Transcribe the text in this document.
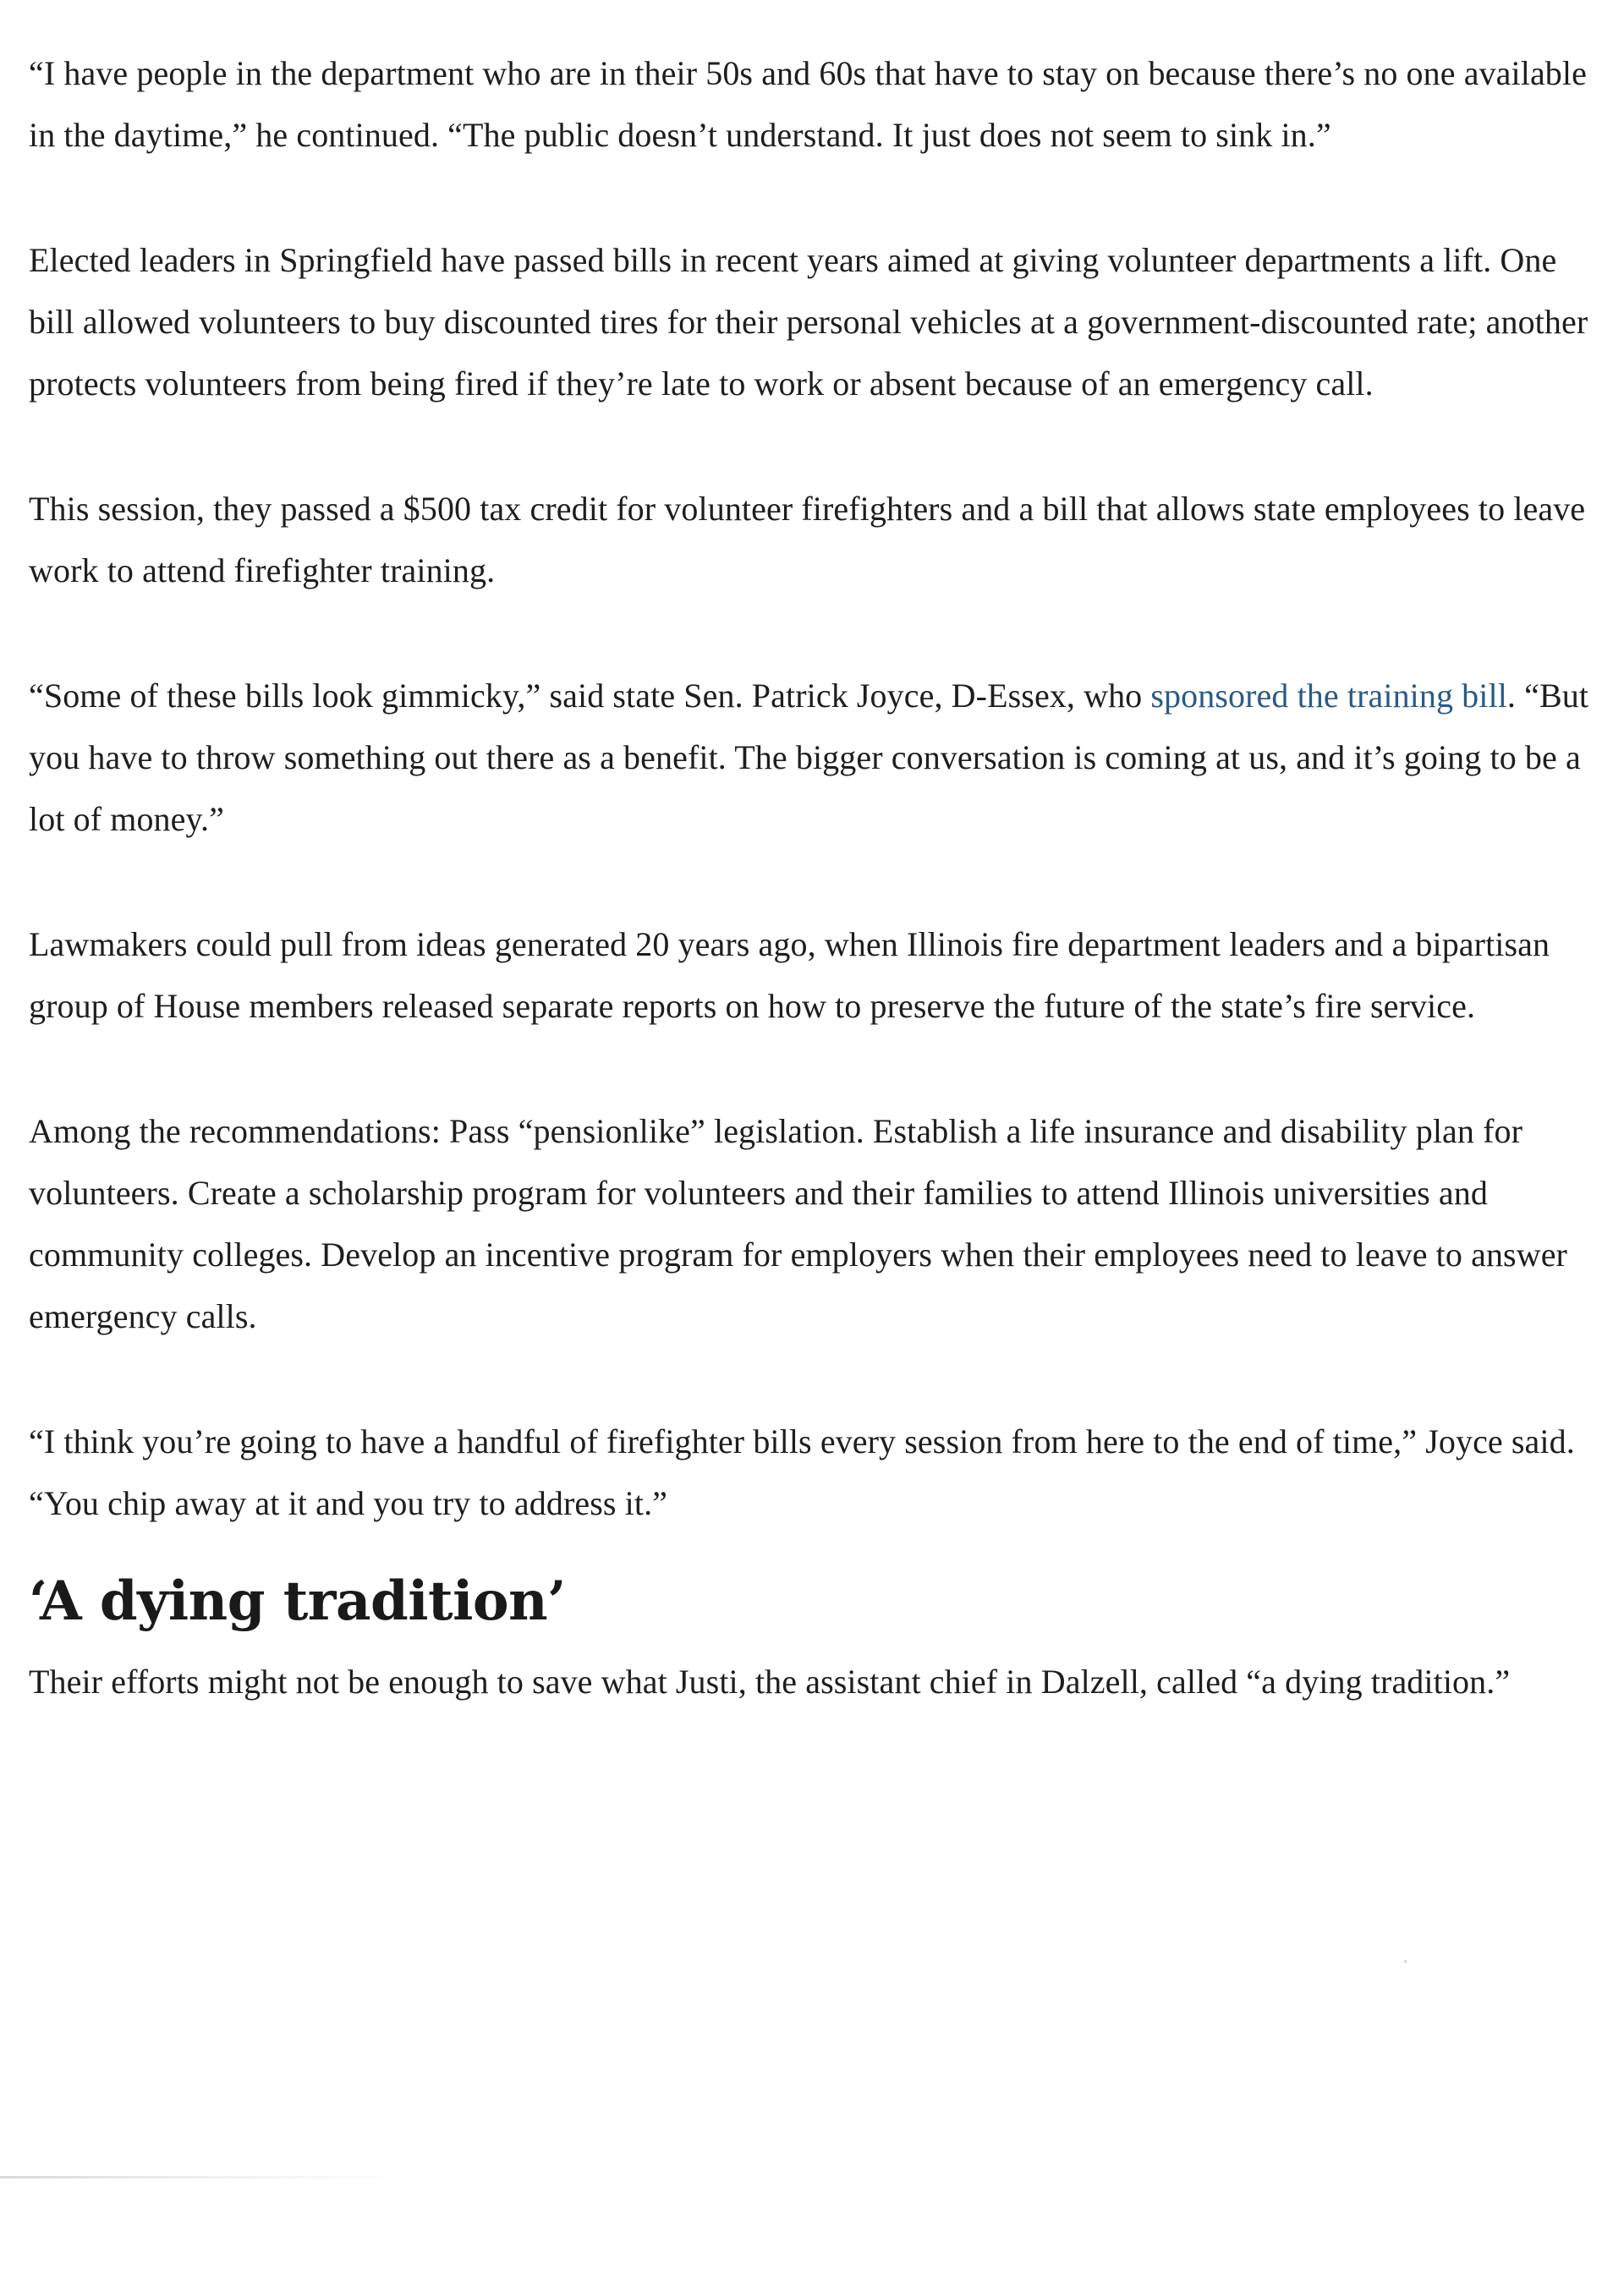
“I have people in the department who are in their 50s and 60s that have to stay on because there’s no one available in the daytime,” he continued. “The public doesn’t understand. It just does not seem to sink in.”

Elected leaders in Springfield have passed bills in recent years aimed at giving volunteer departments a lift. One bill allowed volunteers to buy discounted tires for their personal vehicles at a government-discounted rate; another protects volunteers from being fired if they’re late to work or absent because of an emergency call.

This session, they passed a $500 tax credit for volunteer firefighters and a bill that allows state employees to leave work to attend firefighter training.

“Some of these bills look gimmicky,” said state Sen. Patrick Joyce, D-Essex, who sponsored the training bill. “But you have to throw something out there as a benefit. The bigger conversation is coming at us, and it’s going to be a lot of money.”

Lawmakers could pull from ideas generated 20 years ago, when Illinois fire department leaders and a bipartisan group of House members released separate reports on how to preserve the future of the state’s fire service.

Among the recommendations: Pass “pensionlike” legislation. Establish a life insurance and disability plan for volunteers. Create a scholarship program for volunteers and their families to attend Illinois universities and community colleges. Develop an incentive program for employers when their employees need to leave to answer emergency calls.

“I think you’re going to have a handful of firefighter bills every session from here to the end of time,” Joyce said. “You chip away at it and you try to address it.”

‘A dying tradition’

Their efforts might not be enough to save what Justi, the assistant chief in Dalzell, called “a dying tradition.”
